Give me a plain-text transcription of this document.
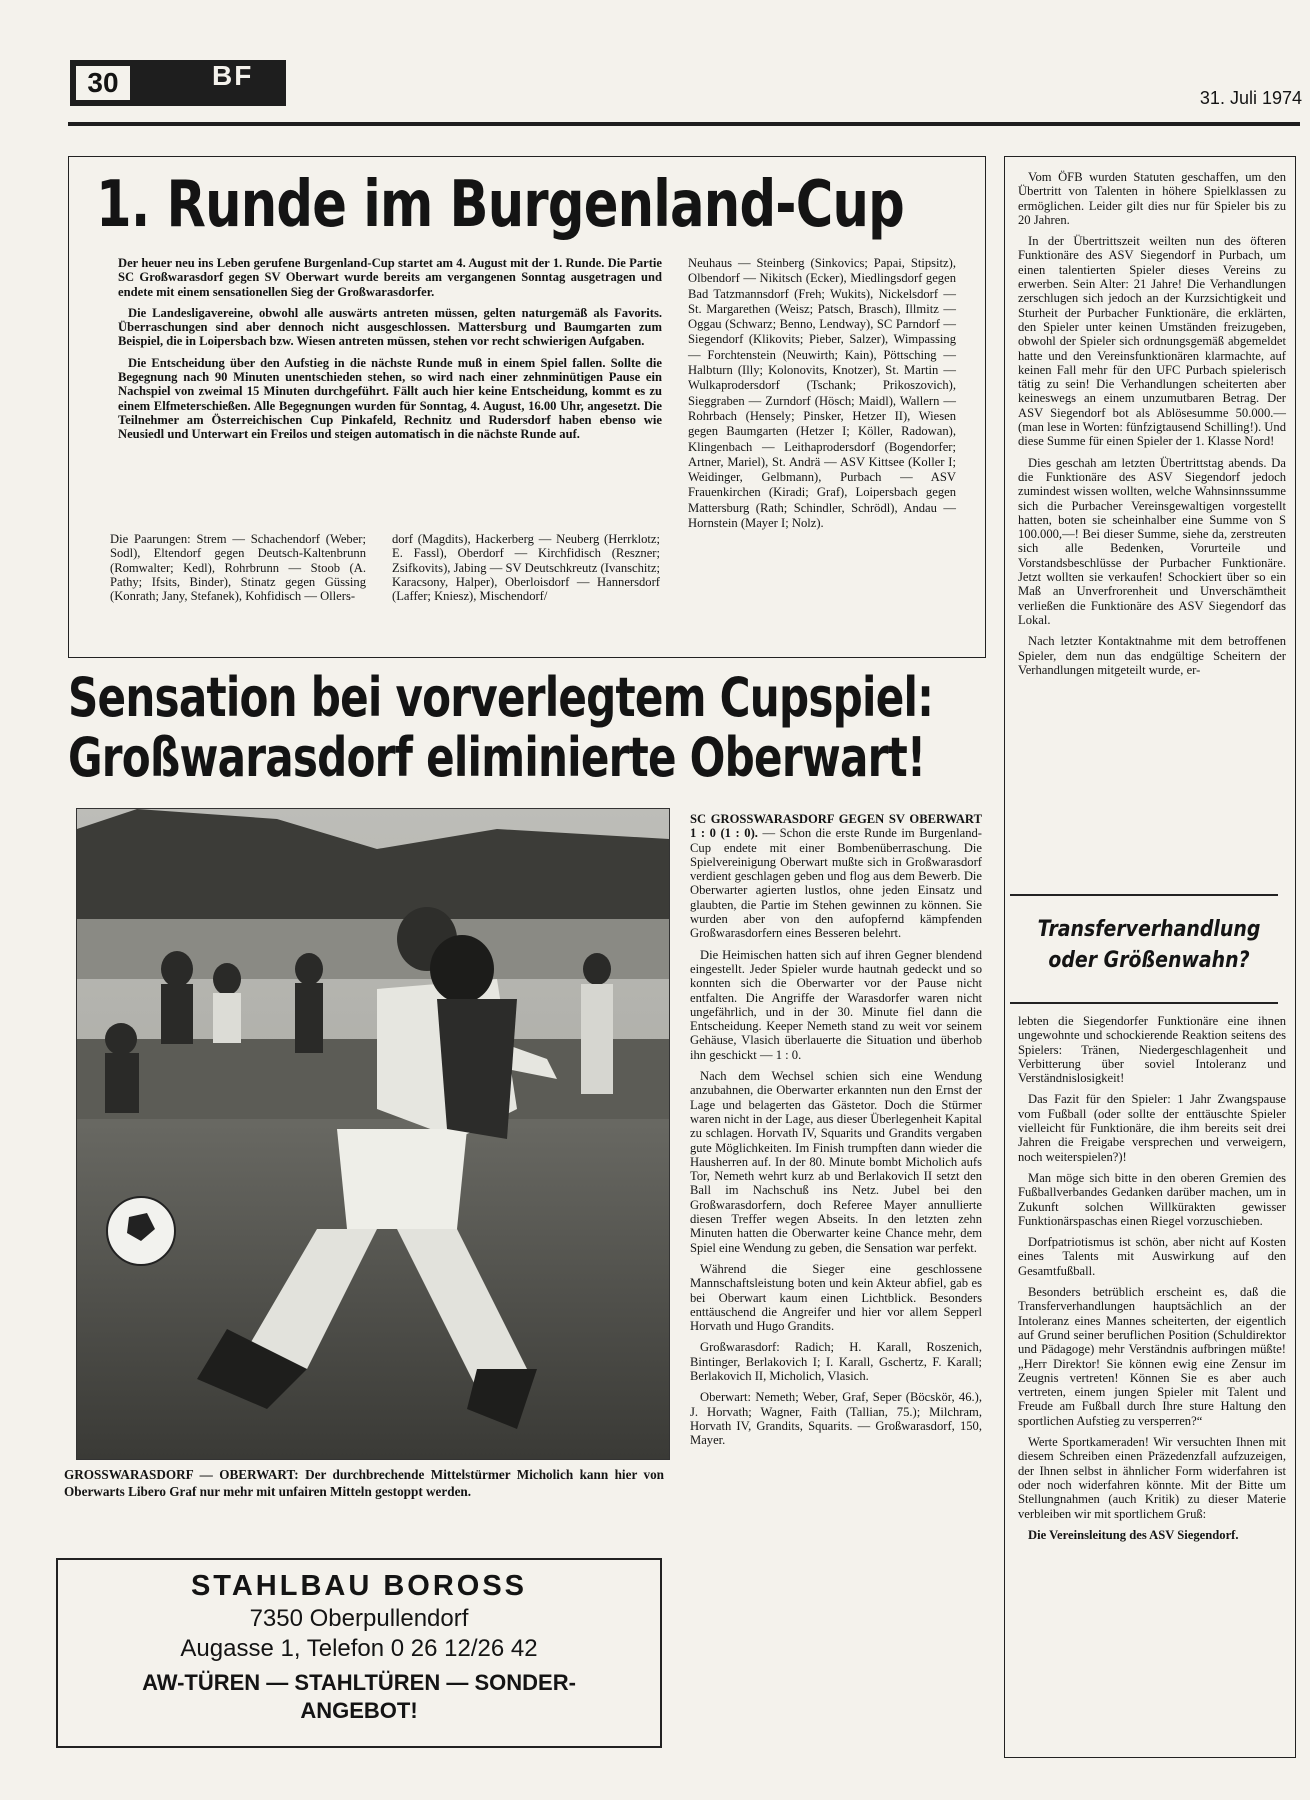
30	BF
31. Juli 1974
1. Runde im Burgenland-Cup

Der heuer neu ins Leben gerufene Burgenland-Cup startet am 4. August mit der 1. Runde. Die Partie SC Großwarasdorf gegen SV Oberwart wurde bereits am vergangenen Sonntag ausgetragen und endete mit einem sensationellen Sieg der Großwarasdorfer.

Die Landesligavereine, obwohl alle auswärts antreten müssen, gelten naturgemäß als Favorits. Überraschungen sind aber dennoch nicht ausgeschlossen. Mattersburg und Baumgarten zum Beispiel, die in Loipersbach bzw. Wiesen antreten müssen, stehen vor recht schwierigen Aufgaben.

Die Entscheidung über den Aufstieg in die nächste Runde muß in einem Spiel fallen. Sollte die Begegnung nach 90 Minuten unentschieden stehen, so wird nach einer zehnminütigen Pause ein Nachspiel von zweimal 15 Minuten durchgeführt. Fällt auch hier keine Entscheidung, kommt es zu einem Elfmeterschießen. Alle Begegnungen wurden für Sonntag, 4. August, 16.00 Uhr, angesetzt. Die Teilnehmer am Österreichischen Cup Pinkafeld, Rechnitz und Rudersdorf haben ebenso wie Neusiedl und Unterwart ein Freilos und steigen automatisch in die nächste Runde auf.

Die Paarungen: Strem — Schachendorf (Weber; Sodl), Eltendorf gegen Deutsch-Kaltenbrunn (Romwalter; Kedl), Rohrbrunn — Stoob (A. Pathy; Ifsits, Binder), Stinatz gegen Güssing (Konrath; Jany, Stefanek), Kohfidisch — Ollers-

dorf (Magdits), Hackerberg — Neuberg (Herrklotz; E. Fassl), Oberdorf — Kirchfidisch (Reszner; Zsifkovits), Jabing — SV Deutschkreutz (Ivanschitz; Karacsony, Halper), Oberloisdorf — Hannersdorf (Laffer; Kniesz), Mischendorf/

Neuhaus — Steinberg (Sinkovics; Papai, Stipsitz), Olbendorf — Nikitsch (Ecker), Miedlingsdorf gegen Bad Tatzmannsdorf (Freh; Wukits), Nickelsdorf — St. Margarethen (Weisz; Patsch, Brasch), Illmitz — Oggau (Schwarz; Benno, Lendway), SC Parndorf — Siegendorf (Klikovits; Pieber, Salzer), Wimpassing — Forchtenstein (Neuwirth; Kain), Pöttsching — Halbturn (Illy; Kolonovits, Knotzer), St. Martin — Wulkaprodersdorf (Tschank; Prikoszovich), Sieggraben — Zurndorf (Hösch; Maidl), Wallern — Rohrbach (Hensely; Pinsker, Hetzer II), Wiesen gegen Baumgarten (Hetzer I; Köller, Radowan), Klingenbach — Leithaprodersdorf (Bogendorfer; Artner, Mariel), St. Andrä — ASV Kittsee (Koller I; Weidinger, Gelbmann), Purbach — ASV Frauenkirchen (Kiradi; Graf), Loipersbach gegen Mattersburg (Rath; Schindler, Schrödl), Andau — Hornstein (Mayer I; Nolz).

Sensation bei vorverlegtem Cupspiel:
Großwarasdorf eliminierte Oberwart!
GROSSWARASDORF — OBERWART: Der durchbrechende Mittelstürmer Micholich kann hier von Oberwarts Libero Graf nur mehr mit unfairen Mitteln gestoppt werden.

SC GROSSWARASDORF GEGEN SV OBERWART 1 : 0 (1 : 0). — Schon die erste Runde im Burgenland-Cup endete mit einer Bombenüberraschung. Die Spielvereinigung Oberwart mußte sich in Großwarasdorf verdient geschlagen geben und flog aus dem Bewerb. Die Oberwarter agierten lustlos, ohne jeden Einsatz und glaubten, die Partie im Stehen gewinnen zu können. Sie wurden aber von den aufopfernd kämpfenden Großwarasdorfern eines Besseren belehrt.

Die Heimischen hatten sich auf ihren Gegner blendend eingestellt. Jeder Spieler wurde hautnah gedeckt und so konnten sich die Oberwarter vor der Pause nicht entfalten. Die Angriffe der Warasdorfer waren nicht ungefährlich, und in der 30. Minute fiel dann die Entscheidung. Keeper Nemeth stand zu weit vor seinem Gehäuse, Vlasich überlauerte die Situation und überhob ihn geschickt — 1 : 0.

Nach dem Wechsel schien sich eine Wendung anzubahnen, die Oberwarter erkannten nun den Ernst der Lage und belagerten das Gästetor. Doch die Stürmer waren nicht in der Lage, aus dieser Überlegenheit Kapital zu schlagen. Horvath IV, Squarits und Grandits vergaben gute Möglichkeiten. Im Finish trumpften dann wieder die Hausherren auf. In der 80. Minute bombt Micholich aufs Tor, Nemeth wehrt kurz ab und Berlakovich II setzt den Ball im Nachschuß ins Netz. Jubel bei den Großwarasdorfern, doch Referee Mayer annullierte diesen Treffer wegen Abseits. In den letzten zehn Minuten hatten die Oberwarter keine Chance mehr, dem Spiel eine Wendung zu geben, die Sensation war perfekt.

Während die Sieger eine geschlossene Mannschaftsleistung boten und kein Akteur abfiel, gab es bei Oberwart kaum einen Lichtblick. Besonders enttäuschend die Angreifer und hier vor allem Sepperl Horvath und Hugo Grandits.

Großwarasdorf: Radich; H. Karall, Roszenich, Bintinger, Berlakovich I; I. Karall, Gschertz, F. Karall; Berlakovich II, Micholich, Vlasich.

Oberwart: Nemeth; Weber, Graf, Seper (Böcskör, 46.), J. Horvath; Wagner, Faith (Tallian, 75.); Milchram, Horvath IV, Grandits, Squarits. — Großwarasdorf, 150, Mayer.

STAHLBAU BOROSS
7350 Oberpullendorf
Augasse 1, Telefon 0 26 12/26 42
AW-TÜREN — STAHLTÜREN — SONDER-
ANGEBOT!

Vom ÖFB wurden Statuten geschaffen, um den Übertritt von Talenten in höhere Spielklassen zu ermöglichen. Leider gilt dies nur für Spieler bis zu 20 Jahren.

In der Übertrittszeit weilten nun des öfteren Funktionäre des ASV Siegendorf in Purbach, um einen talentierten Spieler dieses Vereins zu erwerben. Sein Alter: 21 Jahre! Die Verhandlungen zerschlugen sich jedoch an der Kurzsichtigkeit und Sturheit der Purbacher Funktionäre, die erklärten, den Spieler unter keinen Umständen freizugeben, obwohl der Spieler sich ordnungsgemäß abgemeldet hatte und den Vereinsfunktionären klarmachte, auf keinen Fall mehr für den UFC Purbach spielerisch tätig zu sein! Die Verhandlungen scheiterten aber keineswegs an einem unzumutbaren Betrag. Der ASV Siegendorf bot als Ablösesumme 50.000.— (man lese in Worten: fünfzigtausend Schilling!). Und diese Summe für einen Spieler der 1. Klasse Nord!

Dies geschah am letzten Übertrittstag abends. Da die Funktionäre des ASV Siegendorf jedoch zumindest wissen wollten, welche Wahnsinnssumme sich die Purbacher Vereinsgewaltigen vorgestellt hatten, boten sie scheinhalber eine Summe von S 100.000,—! Bei dieser Summe, siehe da, zerstreuten sich alle Bedenken, Vorurteile und Vorstandsbeschlüsse der Purbacher Funktionäre. Jetzt wollten sie verkaufen! Schockiert über so ein Maß an Unverfrorenheit und Unverschämtheit verließen die Funktionäre des ASV Siegendorf das Lokal.

Nach letzter Kontaktnahme mit dem betroffenen Spieler, dem nun das endgültige Scheitern der Verhandlungen mitgeteilt wurde, er-

Transferverhandlung oder Größenwahn?

lebten die Siegendorfer Funktionäre eine ihnen ungewohnte und schockierende Reaktion seitens des Spielers: Tränen, Niedergeschlagenheit und Verbitterung über soviel Intoleranz und Verständnislosigkeit!

Das Fazit für den Spieler: 1 Jahr Zwangspause vom Fußball (oder sollte der enttäuschte Spieler vielleicht für Funktionäre, die ihm bereits seit drei Jahren die Freigabe versprechen und verweigern, noch weiterspielen?)!

Man möge sich bitte in den oberen Gremien des Fußballverbandes Gedanken darüber machen, um in Zukunft solchen Willkürakten gewisser Funktionärspaschas einen Riegel vorzuschieben.

Dorfpatriotismus ist schön, aber nicht auf Kosten eines Talents mit Auswirkung auf den Gesamtfußball.

Besonders betrüblich erscheint es, daß die Transferverhandlungen hauptsächlich an der Intoleranz eines Mannes scheiterten, der eigentlich auf Grund seiner beruflichen Position (Schuldirektor und Pädagoge) mehr Verständnis aufbringen müßte! „Herr Direktor! Sie können ewig eine Zensur im Zeugnis vertreten! Können Sie es aber auch vertreten, einem jungen Spieler mit Talent und Freude am Fußball durch Ihre sture Haltung den sportlichen Aufstieg zu versperren?“

Werte Sportkameraden! Wir versuchten Ihnen mit diesem Schreiben einen Präzedenzfall aufzuzeigen, der Ihnen selbst in ähnlicher Form widerfahren ist oder noch widerfahren könnte. Mit der Bitte um Stellungnahmen (auch Kritik) zu dieser Materie verbleiben wir mit sportlichem Gruß:

Die Vereinsleitung des ASV Siegendorf.
